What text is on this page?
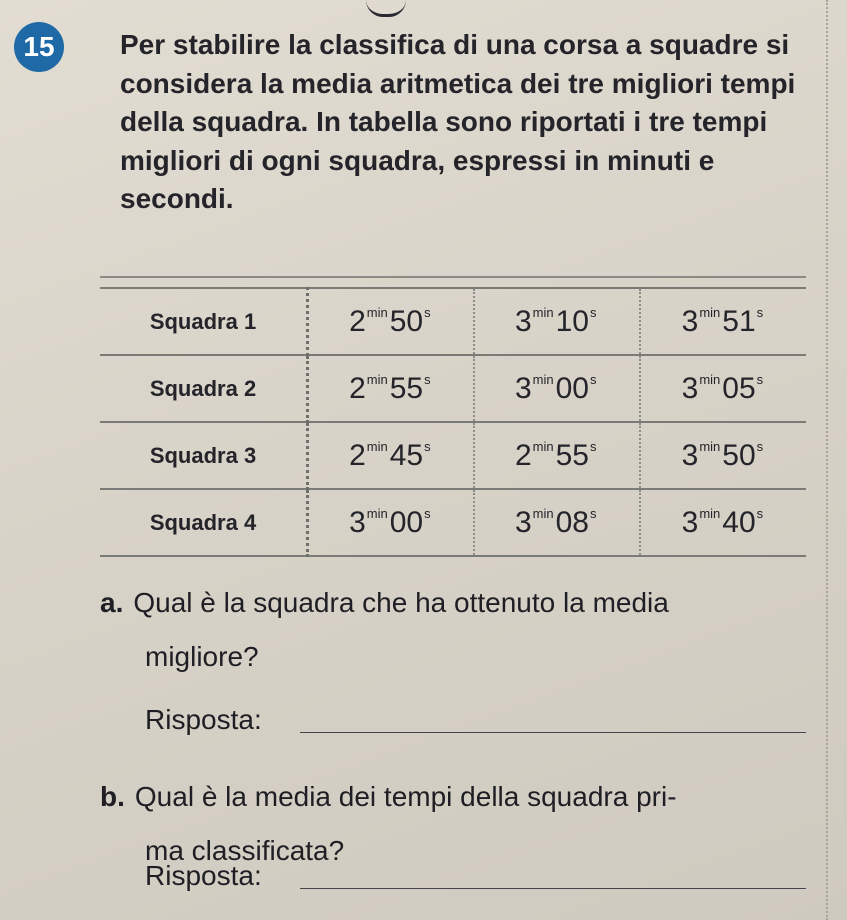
15	Per stabilire la classifica di una corsa a squadre si considera la media aritmetica dei tre migliori tempi della squadra. In tabella sono riportati i tre tempi migliori di ogni squadra, espressi in minuti e secondi.

Squadra 1	$2^{min}50^s$	$3^{min}10^s$	$3^{min}51^s$
Squadra 2	$2^{min}55^s$	$3^{min}00^s$	$3^{min}05^s$
Squadra 3	$2^{min}45^s$	$2^{min}55^s$	$3^{min}50^s$
Squadra 4	$3^{min}00^s$	$3^{min}08^s$	$3^{min}40^s$

a. Qual è la squadra che ha ottenuto la media
migliore?

Risposta:

b. Qual è la media dei tempi della squadra pri-
ma classificata?

Risposta:
